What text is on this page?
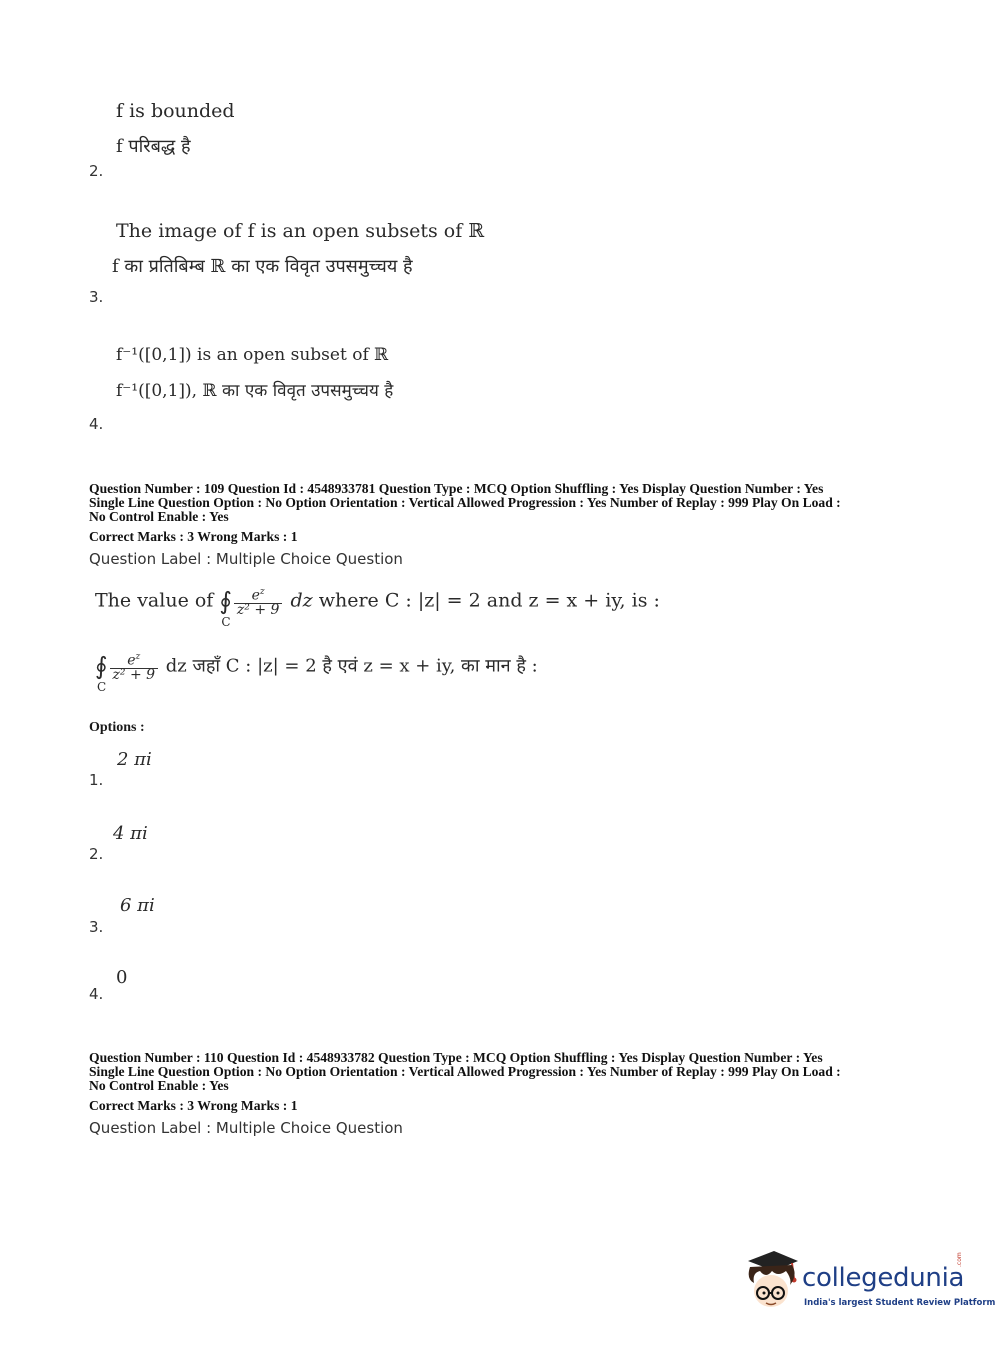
f is bounded
f परिबद्ध है
2.
The image of f is an open subsets of ℝ
f का प्रतिबिम्ब ℝ का एक विवृत उपसमुच्चय है
3.
f⁻¹([0,1]) is an open subset of ℝ
f⁻¹([0,1]), ℝ का एक विवृत उपसमुच्चय है
4.
Question Number : 109 Question Id : 4548933781 Question Type : MCQ Option Shuffling : Yes Display Question Number : Yes
Single Line Question Option : No Option Orientation : Vertical Allowed Progression : Yes Number of Replay : 999 Play On Load :
No Control Enable : Yes
Correct Marks : 3 Wrong Marks : 1
Question Label : Multiple Choice Question
The value of ∮
C
$\frac{e^z}{\text{z² + 9}}$ dz where C : |z| = 2 and z = x + iy, is :
∮
C
$\frac{e^z}{\text{z² + 9}}$ dz जहाँ C : |z| = 2 है एवं z = x + iy, का मान है :
Options :
2 πi
1.
4 πi
2.
6 πi
3.
0
4.
Question Number : 110 Question Id : 4548933782 Question Type : MCQ Option Shuffling : Yes Display Question Number : Yes
Single Line Question Option : No Option Orientation : Vertical Allowed Progression : Yes Number of Replay : 999 Play On Load :
No Control Enable : Yes
Correct Marks : 3 Wrong Marks : 1
Question Label : Multiple Choice Question
collegedunia
.com
India's largest Student Review Platform
